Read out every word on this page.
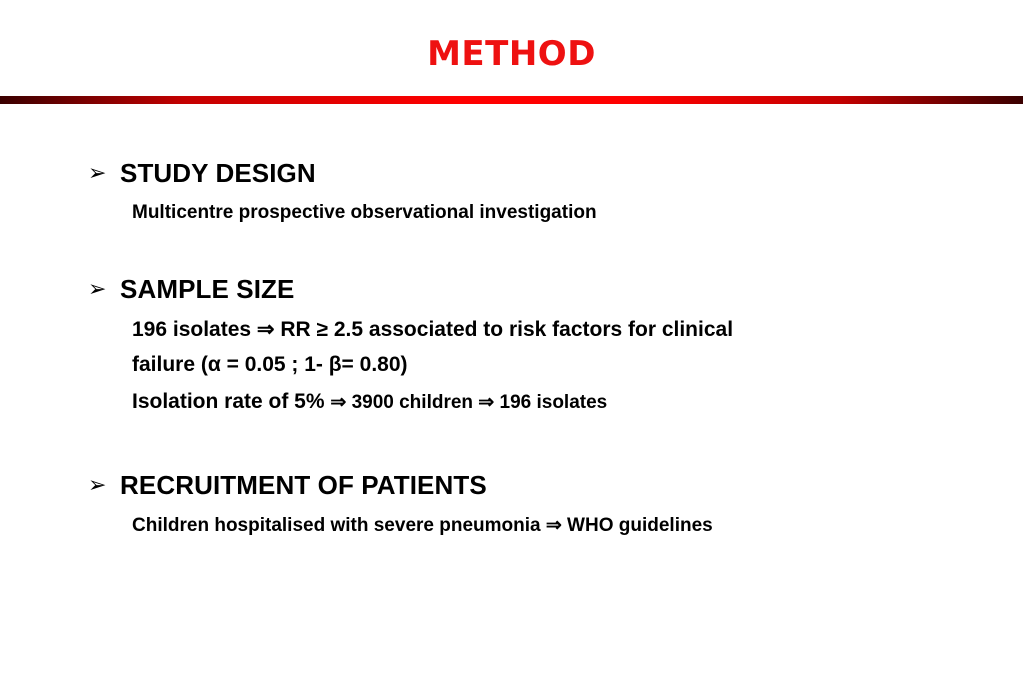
METHOD
➢ STUDY DESIGN
Multicentre prospective observational investigation
➢ SAMPLE SIZE
196 isolates ⇒ RR ≥ 2.5 associated to risk factors for clinical
failure (α = 0.05 ; 1- β= 0.80)
Isolation rate of 5% ⇒ 3900 children ⇒ 196 isolates
➢ RECRUITMENT OF PATIENTS
Children hospitalised with severe pneumonia ⇒ WHO guidelines
